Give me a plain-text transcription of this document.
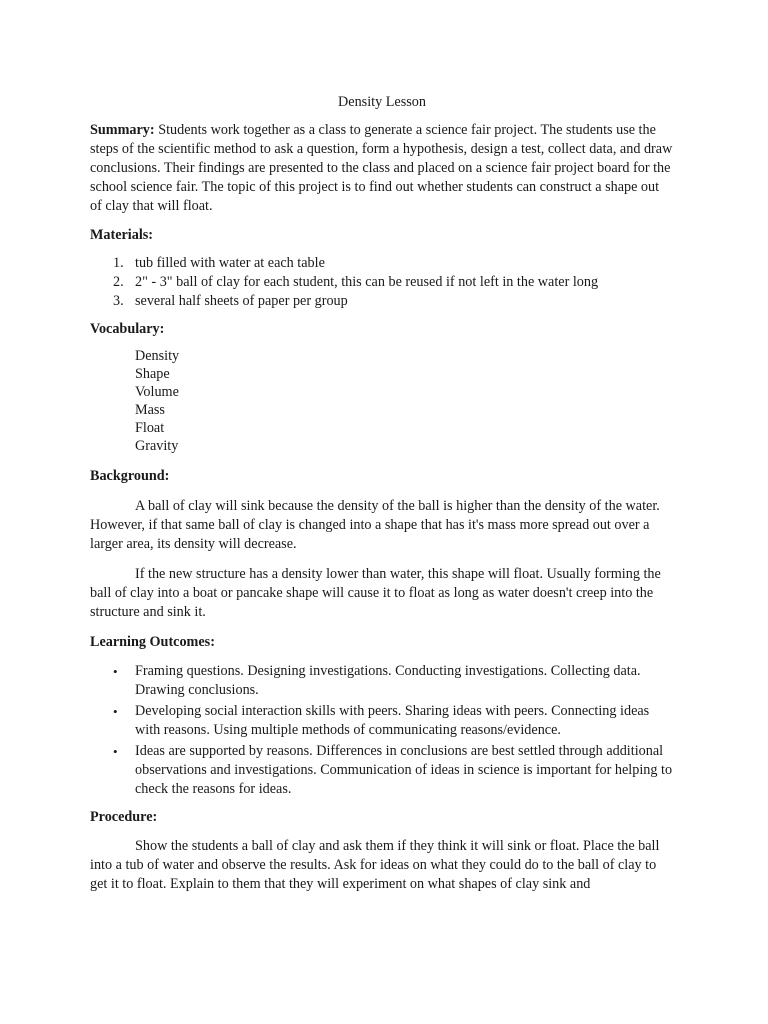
Density Lesson

Summary: Students work together as a class to generate a science fair project. The students use the steps of the scientific method to ask a question, form a hypothesis, design a test, collect data, and draw conclusions. Their findings are presented to the class and placed on a science fair project board for the school science fair. The topic of this project is to find out whether students can construct a shape out of clay that will float.

Materials:

1. tub filled with water at each table
2. 2" - 3" ball of clay for each student, this can be reused if not left in the water long
3. several half sheets of paper per group

Vocabulary:

Density
Shape
Volume
Mass
Float
Gravity

Background:

A ball of clay will sink because the density of the ball is higher than the density of the water. However, if that same ball of clay is changed into a shape that has it's mass more spread out over a larger area, its density will decrease.

If the new structure has a density lower than water, this shape will float. Usually forming the ball of clay into a boat or pancake shape will cause it to float as long as water doesn't creep into the structure and sink it.

Learning Outcomes:

• Framing questions. Designing investigations. Conducting investigations. Collecting data. Drawing conclusions.
• Developing social interaction skills with peers. Sharing ideas with peers. Connecting ideas with reasons. Using multiple methods of communicating reasons/evidence.
• Ideas are supported by reasons. Differences in conclusions are best settled through additional observations and investigations. Communication of ideas in science is important for helping to check the reasons for ideas.

Procedure:

Show the students a ball of clay and ask them if they think it will sink or float. Place the ball into a tub of water and observe the results. Ask for ideas on what they could do to the ball of clay to get it to float. Explain to them that they will experiment on what shapes of clay sink and
